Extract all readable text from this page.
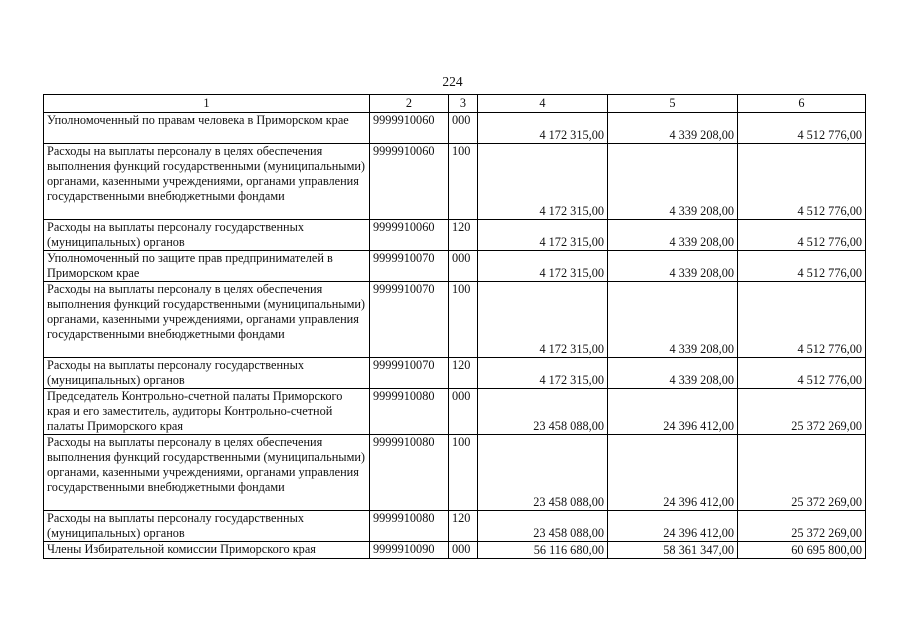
224
1	2	3	4	5	6
Уполномоченный по правам человека в Приморском крае	9999910060	000	4 172 315,00	4 339 208,00	4 512 776,00
Расходы на выплаты персоналу в целях обеспечения выполнения функций государственными (муниципальными) органами, казенными учреждениями, органами управления государственными внебюджетными фондами	9999910060	100	4 172 315,00	4 339 208,00	4 512 776,00
Расходы на выплаты персоналу государственных (муниципальных) органов	9999910060	120	4 172 315,00	4 339 208,00	4 512 776,00
Уполномоченный по защите прав предпринимателей в Приморском крае	9999910070	000	4 172 315,00	4 339 208,00	4 512 776,00
Расходы на выплаты персоналу в целях обеспечения выполнения функций государственными (муниципальными) органами, казенными учреждениями, органами управления государственными внебюджетными фондами	9999910070	100	4 172 315,00	4 339 208,00	4 512 776,00
Расходы на выплаты персоналу государственных (муниципальных) органов	9999910070	120	4 172 315,00	4 339 208,00	4 512 776,00
Председатель Контрольно-счетной палаты Приморского края и его заместитель, аудиторы Контрольно-счетной палаты Приморского края	9999910080	000	23 458 088,00	24 396 412,00	25 372 269,00
Расходы на выплаты персоналу в целях обеспечения выполнения функций государственными (муниципальными) органами, казенными учреждениями, органами управления государственными внебюджетными фондами	9999910080	100	23 458 088,00	24 396 412,00	25 372 269,00
Расходы на выплаты персоналу государственных (муниципальных) органов	9999910080	120	23 458 088,00	24 396 412,00	25 372 269,00
Члены Избирательной комиссии Приморского края	9999910090	000	56 116 680,00	58 361 347,00	60 695 800,00
